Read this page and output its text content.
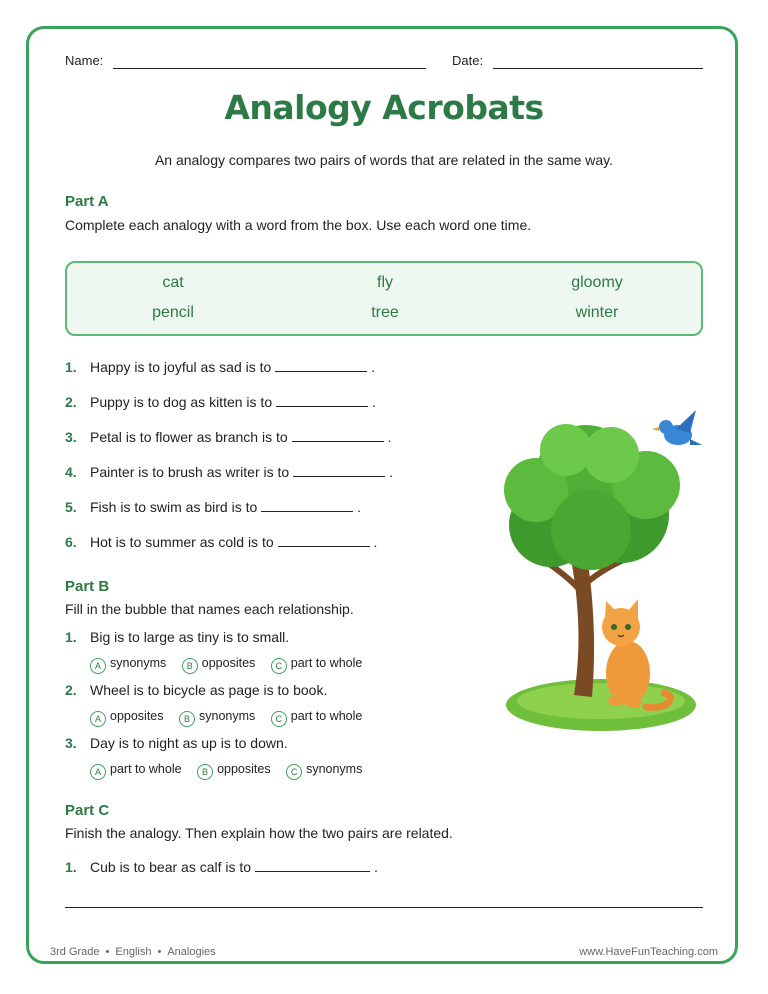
Name:	Date:
Analogy Acrobats
An analogy compares two pairs of words that are related in the same way.
Part A
Complete each analogy with a word from the box. Use each word one time.
cat	fly	gloomy
pencil	tree	winter
1. Happy is to joyful as sad is to	.
2. Puppy is to dog as kitten is to	.
3. Petal is to flower as branch is to	.
4. Painter is to brush as writer is to	.
5. Fish is to swim as bird is to	.
6. Hot is to summer as cold is to	.
Part B
Fill in the bubble that names each relationship.
1. Big is to large as tiny is to small.
A synonyms B opposites C part to whole
2. Wheel is to bicycle as page is to book.
A opposites B synonyms C part to whole
3. Day is to night as up is to down.
A part to whole B opposites C synonyms
Part C
Finish the analogy. Then explain how the two pairs are related.
1. Cub is to bear as calf is to	.
3rd Grade • English • Analogies	www.HaveFunTeaching.com
